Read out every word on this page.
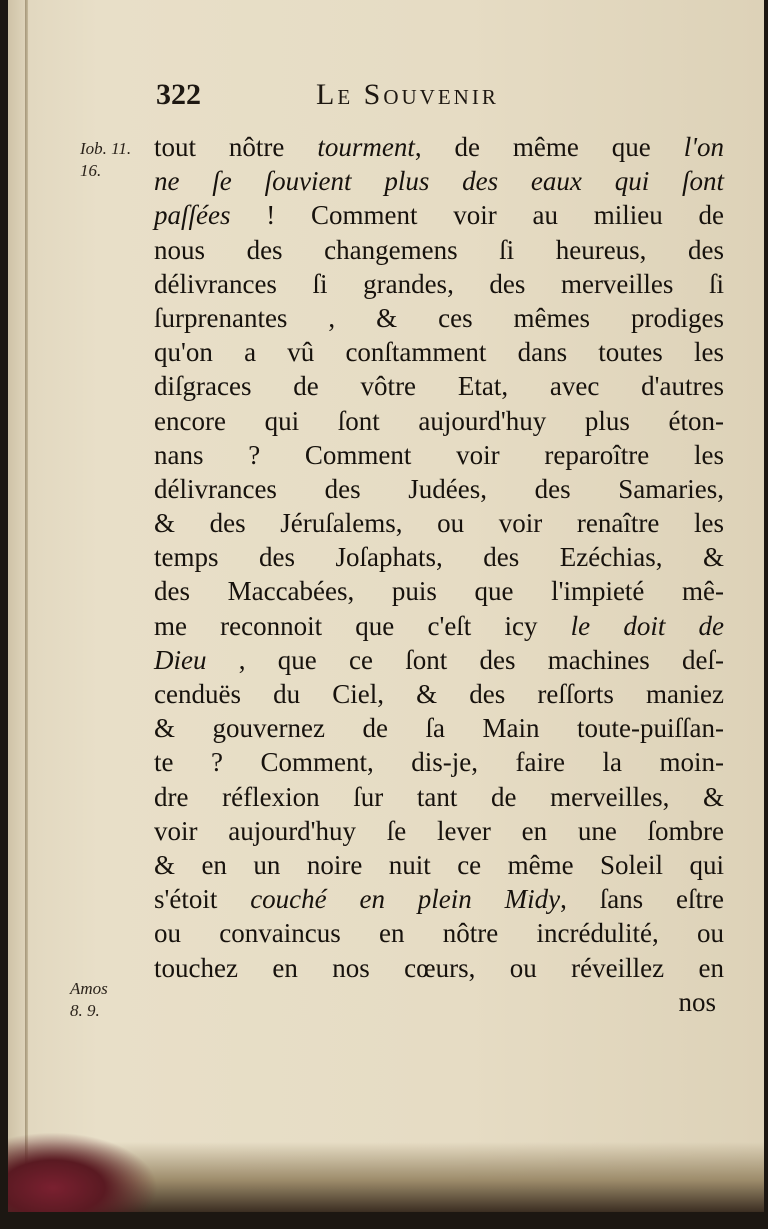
322	Le Souvenir
Iob. 11.
16.
Amos
8. 9.
tout nôtre tourment, de même que l'on
ne ſe ſouvient plus des eaux qui ſont
paſſées ! Comment voir au milieu de
nous des changemens ſi heureus, des
délivrances ſi grandes, des merveilles ſi
ſurprenantes , & ces mêmes prodiges
qu'on a vû conſtamment dans toutes les
diſgraces de vôtre Etat, avec d'autres
encore qui ſont aujourd'huy plus éton-
nans ? Comment voir reparoître les
délivrances des Judées, des Samaries,
& des Jéruſalems, ou voir renaître les
temps des Joſaphats, des Ezéchias, &
des Maccabées, puis que l'impieté mê-
me reconnoit que c'eſt icy le doit de
Dieu , que ce ſont des machines deſ-
cenduës du Ciel, & des reſſorts maniez
& gouvernez de ſa Main toute-puiſſan-
te ? Comment, dis-je, faire la moin-
dre réflexion ſur tant de merveilles, &
voir aujourd'huy ſe lever en une ſombre
& en un noire nuit ce même Soleil qui
s'étoit couché en plein Midy, ſans eſtre
ou convaincus en nôtre incrédulité, ou
touchez en nos cœurs, ou réveillez en
nos
